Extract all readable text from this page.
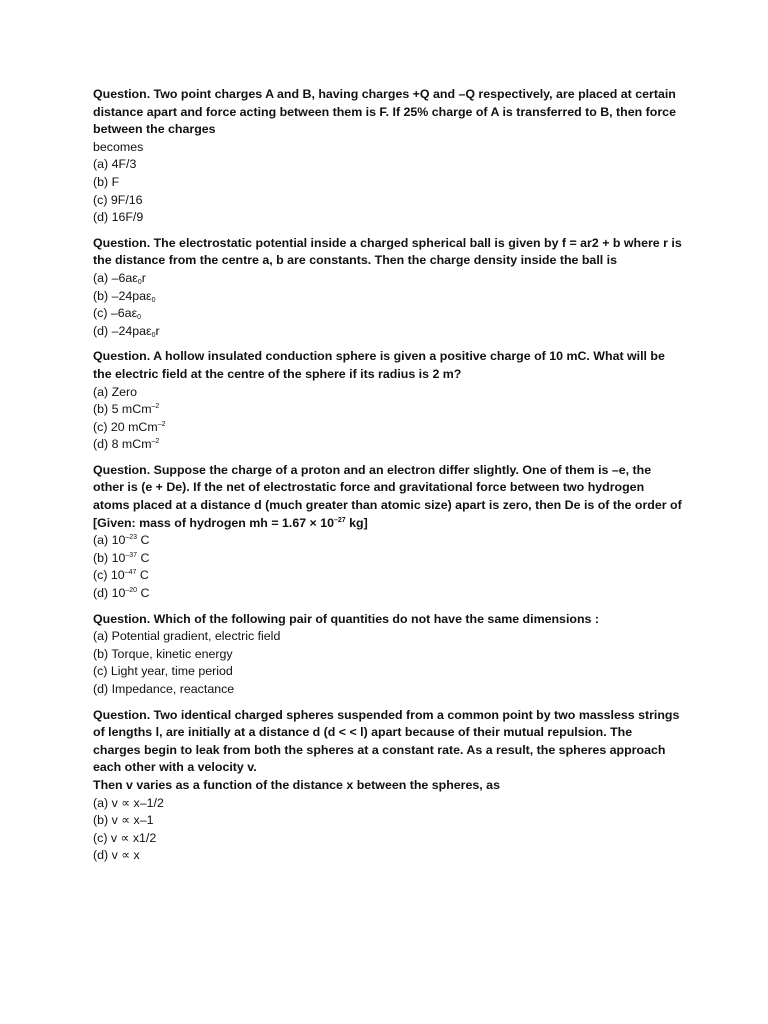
Question. Two point charges A and B, having charges +Q and –Q respectively, are placed at certain distance apart and force acting between them is F. If 25% charge of A is transferred to B, then force between the charges

becomes

(a) 4F/3

(b) F

(c) 9F/16

(d) 16F/9

Question. The electrostatic potential inside a charged spherical ball is given by f = ar2 + b where r is the distance from the centre a, b are constants. Then the charge density inside the ball is

(a) $-6a\varepsilon_0r$

(b) –24paε$_0$

(c) $-6a\varepsilon_0$

(d) –24paε$_0$r

Question. A hollow insulated conduction sphere is given a positive charge of 10 mC. What will be the electric field at the centre of the sphere if its radius is 2 m?

(a) Zero

(b) 5 mCm$^{-2}$

(c) 20 mCm$^{-2}$

(d) 8 mCm$^{-2}$

Question. Suppose the charge of a proton and an electron differ slightly. One of them is –e, the other is (e + De). If the net of electrostatic force and gravitational force between two hydrogen atoms placed at a distance d (much greater than atomic size) apart is zero, then De is of the order of

[Given: mass of hydrogen mh = $1.67 \times 10^{-27}$ kg]

(a) $10^{-23}$ C

(b) $10^{-37}$ C

(c) $10^{-47}$ C

(d) $10^{-20}$ C

Question. Which of the following pair of quantities do not have the same dimensions :

(a) Potential gradient, electric field

(b) Torque, kinetic energy

(c) Light year, time period

(d) Impedance, reactance

Question. Two identical charged spheres suspended from a common point by two massless strings of lengths l, are initially at a distance d (d < < l) apart because of their mutual repulsion. The charges begin to leak from both the spheres at a constant rate. As a result, the spheres approach each other with a velocity v.

Then v varies as a function of the distance x between the spheres, as

(a) v ∝ x–1/2

(b) v ∝ x–1

(c) v ∝ x1/2

(d) v ∝ x
